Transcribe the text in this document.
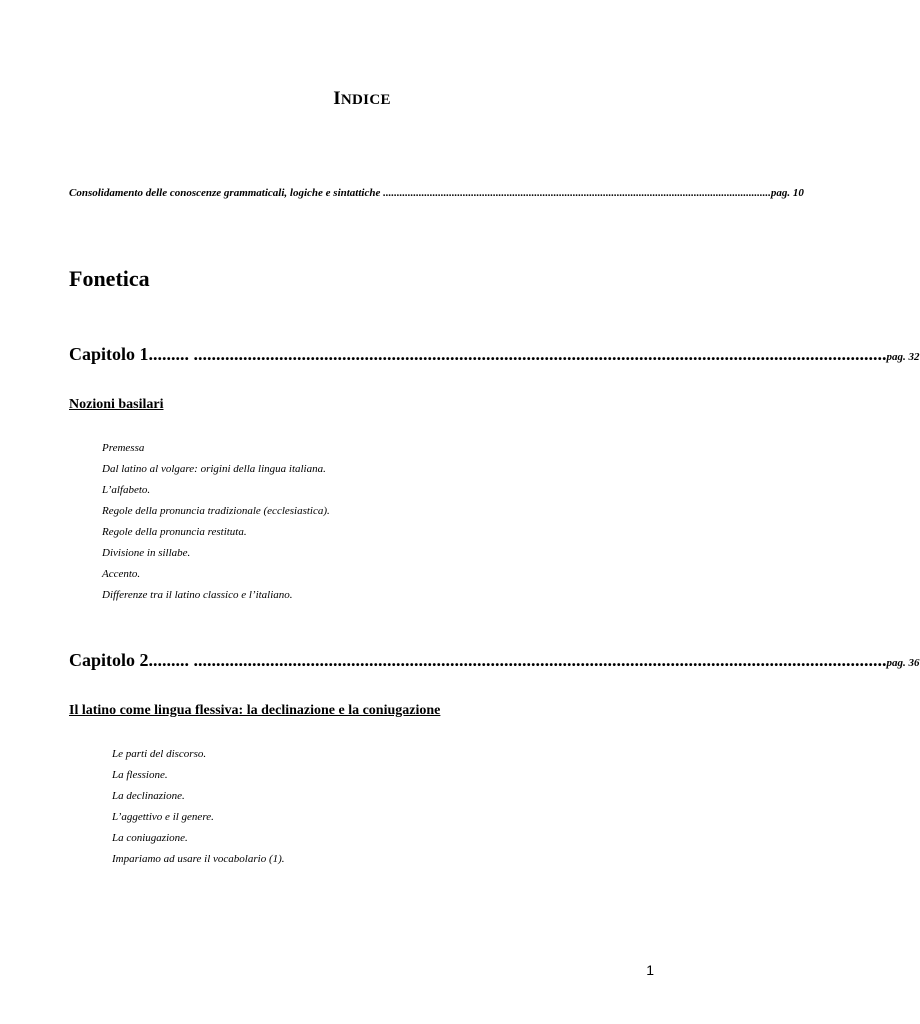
INDICE
Consolidamento delle conoscenze grammaticali, logiche e sintattiche ............................................................................................................................................. pag. 10
Fonetica
Capitolo 1 ......... .......................................................................................................................................................... pag. 32
Nozioni basilari
Premessa
Dal latino al volgare: origini della lingua italiana.
L’alfabeto.
Regole della pronuncia tradizionale (ecclesiastica).
Regole della pronuncia restituta.
Divisione in sillabe.
Accento.
Differenze tra il latino classico e l’italiano.
Capitolo 2 ......... .......................................................................................................................................................... pag. 36
Il latino come lingua flessiva: la declinazione e la coniugazione
Le parti del discorso.
La flessione.
La declinazione.
L’aggettivo e il genere.
La coniugazione.
Impariamo ad usare il vocabolario (1).
1
